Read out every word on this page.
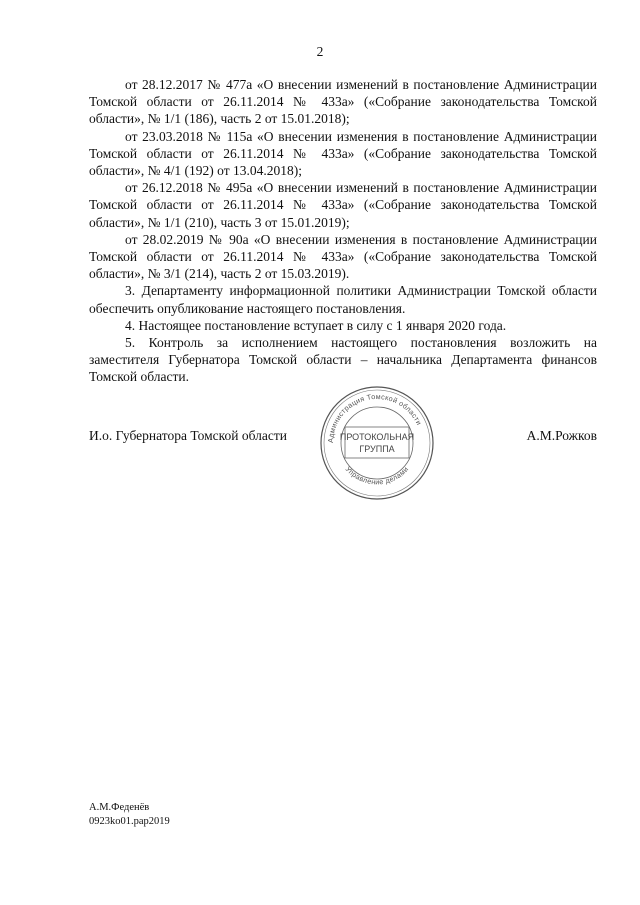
2

от 28.12.2017 № 477а «О внесении изменений в постановление Администрации Томской области от 26.11.2014 № 433а» («Собрание законодательства Томской области», № 1/1 (186), часть 2 от 15.01.2018);

от 23.03.2018 № 115а «О внесении изменения в постановление Администрации Томской области от 26.11.2014 № 433а» («Собрание законодательства Томской области», № 4/1 (192) от 13.04.2018);

от 26.12.2018 № 495а «О внесении изменений в постановление Администрации Томской области от 26.11.2014 № 433а» («Собрание законодательства Томской области», № 1/1 (210), часть 3 от 15.01.2019);

от 28.02.2019 № 90а «О внесении изменения в постановление Администрации Томской области от 26.11.2014 № 433а» («Собрание законодательства Томской области», № 3/1 (214), часть 2 от 15.03.2019).

3. Департаменту информационной политики Администрации Томской области обеспечить опубликование настоящего постановления.

4. Настоящее постановление вступает в силу с 1 января 2020 года.

5. Контроль за исполнением настоящего постановления возложить на заместителя Губернатора Томской области – начальника Департамента финансов Томской области.

И.о. Губернатора Томской области	А.М.Рожков
Администрация Томской области
Управление делами
ПРОТОКОЛЬНАЯ
ГРУППА
А.М.Феденёв
0923ko01.pap2019
